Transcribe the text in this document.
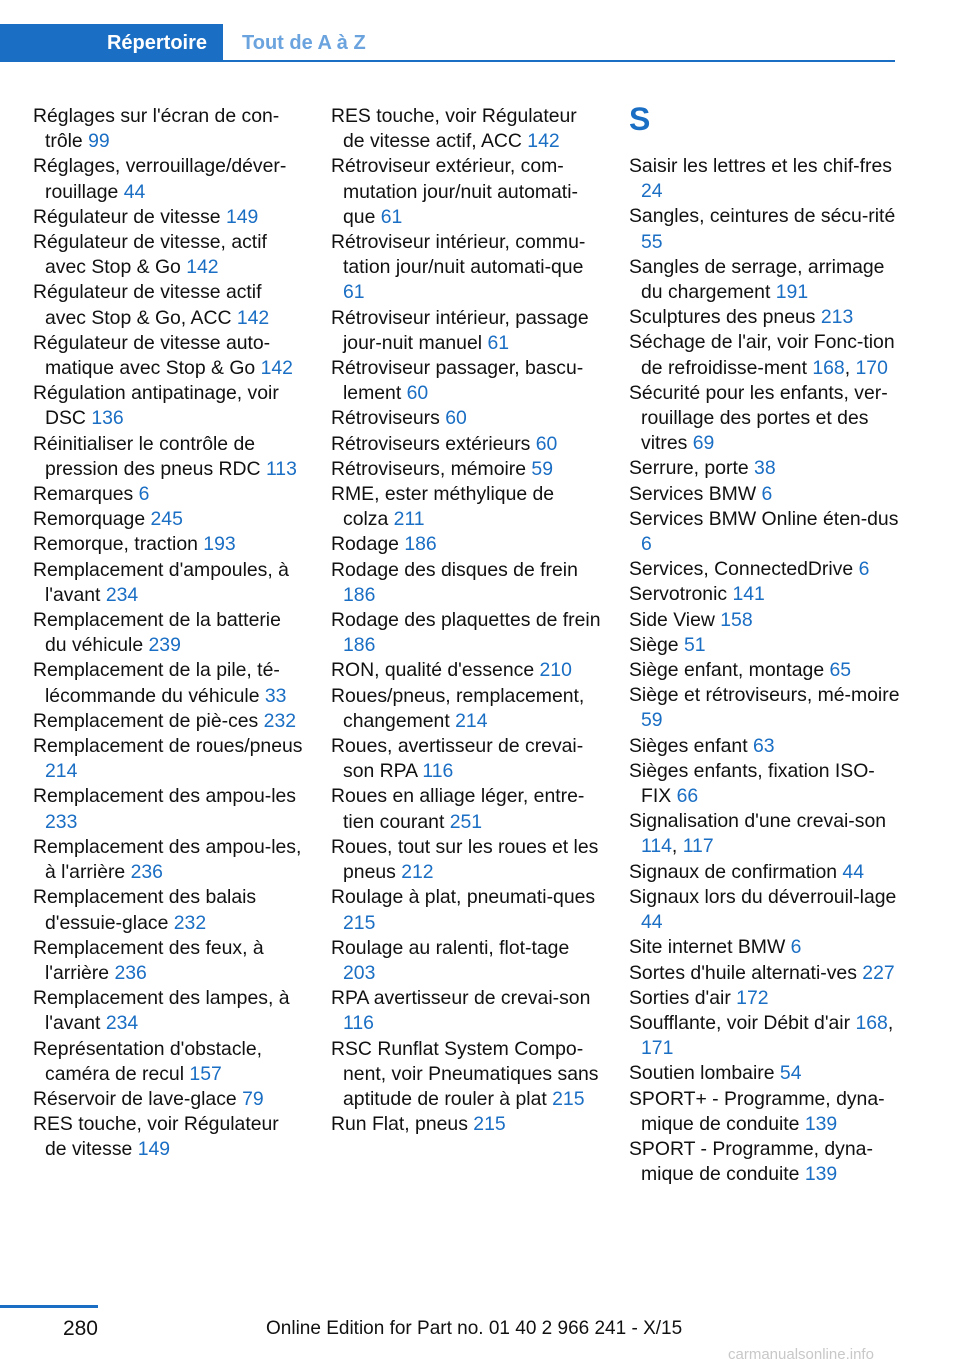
Répertoire	Tout de A à Z
Réglages sur l'écran de con-trôle 99
Réglages, verrouillage/déver-rouillage 44
Régulateur de vitesse 149
Régulateur de vitesse, actif avec Stop & Go 142
Régulateur de vitesse actif avec Stop & Go, ACC 142
Régulateur de vitesse auto-matique avec Stop & Go 142
Régulation antipatinage, voir DSC 136
Réinitialiser le contrôle de pression des pneus RDC 113
Remarques 6
Remorquage 245
Remorque, traction 193
Remplacement d'ampoules, à l'avant 234
Remplacement de la batterie du véhicule 239
Remplacement de la pile, té-lécommande du véhicule 33
Remplacement de piè-ces 232
Remplacement de roues/pneus 214
Remplacement des ampou-les 233
Remplacement des ampou-les, à l'arrière 236
Remplacement des balais d'essuie-glace 232
Remplacement des feux, à l'arrière 236
Remplacement des lampes, à l'avant 234
Représentation d'obstacle, caméra de recul 157
Réservoir de lave-glace 79
RES touche, voir Régulateur de vitesse 149
RES touche, voir Régulateur de vitesse actif, ACC 142
Rétroviseur extérieur, com-mutation jour/nuit automati-que 61
Rétroviseur intérieur, commu-tation jour/nuit automati-que 61
Rétroviseur intérieur, passage jour-nuit manuel 61
Rétroviseur passager, bascu-lement 60
Rétroviseurs 60
Rétroviseurs extérieurs 60
Rétroviseurs, mémoire 59
RME, ester méthylique de colza 211
Rodage 186
Rodage des disques de frein 186
Rodage des plaquettes de frein 186
RON, qualité d'essence 210
Roues/pneus, remplacement, changement 214
Roues, avertisseur de crevai-son RPA 116
Roues en alliage léger, entre-tien courant 251
Roues, tout sur les roues et les pneus 212
Roulage à plat, pneumati-ques 215
Roulage au ralenti, flot-tage 203
RPA avertisseur de crevai-son 116
RSC Runflat System Compo-nent, voir Pneumatiques sans aptitude de rouler à plat 215
Run Flat, pneus 215
S
Saisir les lettres et les chif-fres 24
Sangles, ceintures de sécu-rité 55
Sangles de serrage, arrimage du chargement 191
Sculptures des pneus 213
Séchage de l'air, voir Fonc-tion de refroidisse-ment 168, 170
Sécurité pour les enfants, ver-rouillage des portes et des vitres 69
Serrure, porte 38
Services BMW 6
Services BMW Online éten-dus 6
Services, ConnectedDrive 6
Servotronic 141
Side View 158
Siège 51
Siège enfant, montage 65
Siège et rétroviseurs, mé-moire 59
Sièges enfant 63
Sièges enfants, fixation ISO-FIX 66
Signalisation d'une crevai-son 114, 117
Signaux de confirmation 44
Signaux lors du déverrouil-lage 44
Site internet BMW 6
Sortes d'huile alternati-ves 227
Sorties d'air 172
Soufflante, voir Débit d'air 168, 171
Soutien lombaire 54
SPORT+ - Programme, dyna-mique de conduite 139
SPORT - Programme, dyna-mique de conduite 139
280	Online Edition for Part no. 01 40 2 966 241 - X/15
carmanualsonline.info
